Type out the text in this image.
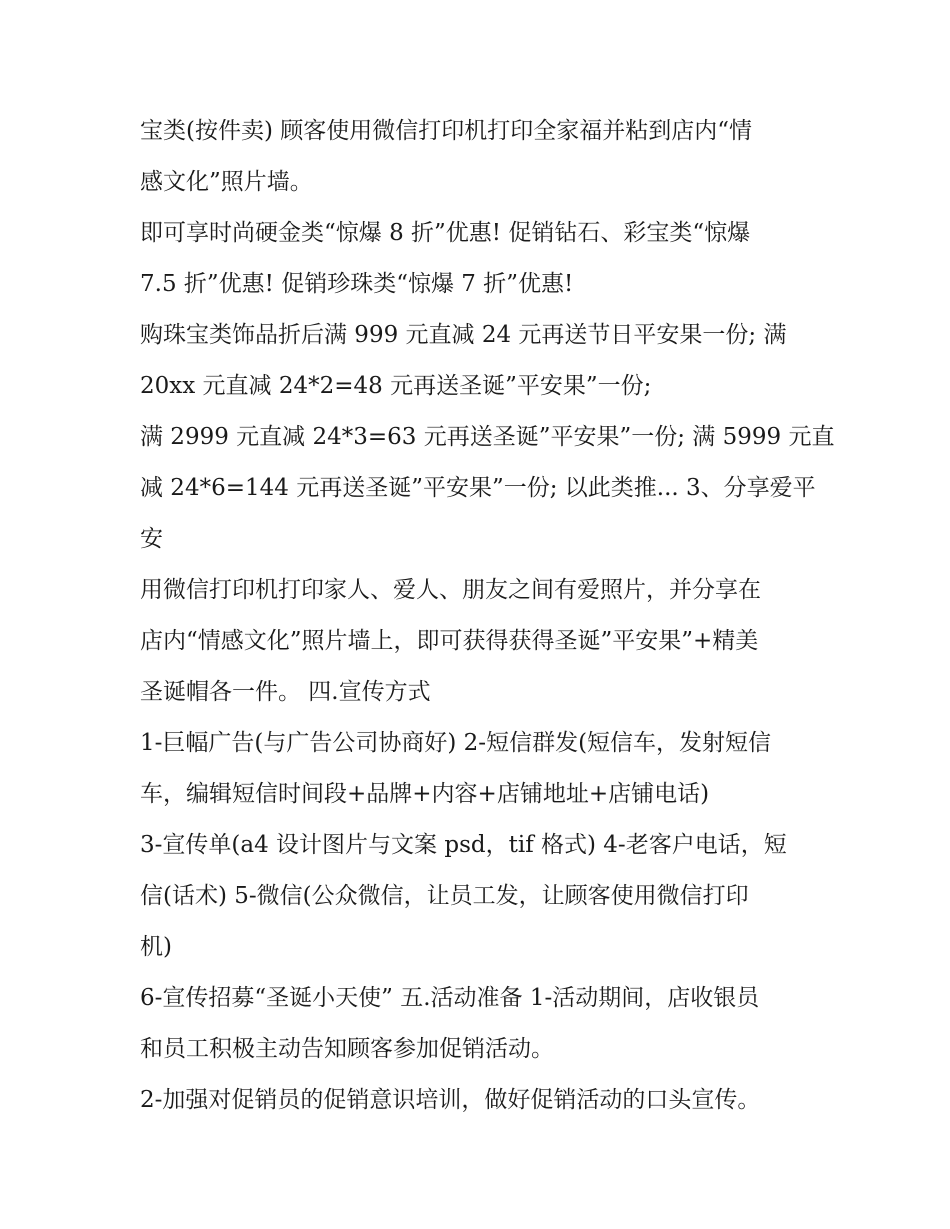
宝类(按件卖) 顾客使用微信打印机打印全家福并粘到店内“情
感文化”照片墙。
即可享时尚硬金类“惊爆 8 折”优惠! 促销钻石、彩宝类“惊爆
7.5 折”优惠! 促销珍珠类“惊爆 7 折”优惠!
购珠宝类饰品折后满 999 元直减 24 元再送节日平安果一份; 满
20xx 元直减 24*2=48 元再送圣诞”平安果”一份;
满 2999 元直减 24*3=63 元再送圣诞”平安果”一份; 满 5999 元直
减 24*6=144 元再送圣诞”平安果”一份; 以此类推... 3、分享爱平
安
用微信打印机打印家人、爱人、朋友之间有爱照片，并分享在
店内“情感文化”照片墙上，即可获得获得圣诞”平安果”+精美
圣诞帽各一件。 四.宣传方式
1-巨幅广告(与广告公司协商好) 2-短信群发(短信车，发射短信
车，编辑短信时间段+品牌+内容+店铺地址+店铺电话)
3-宣传单(a4 设计图片与文案 psd，tif 格式) 4-老客户电话，短
信(话术) 5-微信(公众微信，让员工发，让顾客使用微信打印
机)
6-宣传招募“圣诞小天使” 五.活动准备 1-活动期间，店收银员
和员工积极主动告知顾客参加促销活动。
2-加强对促销员的促销意识培训，做好促销活动的口头宣传。
